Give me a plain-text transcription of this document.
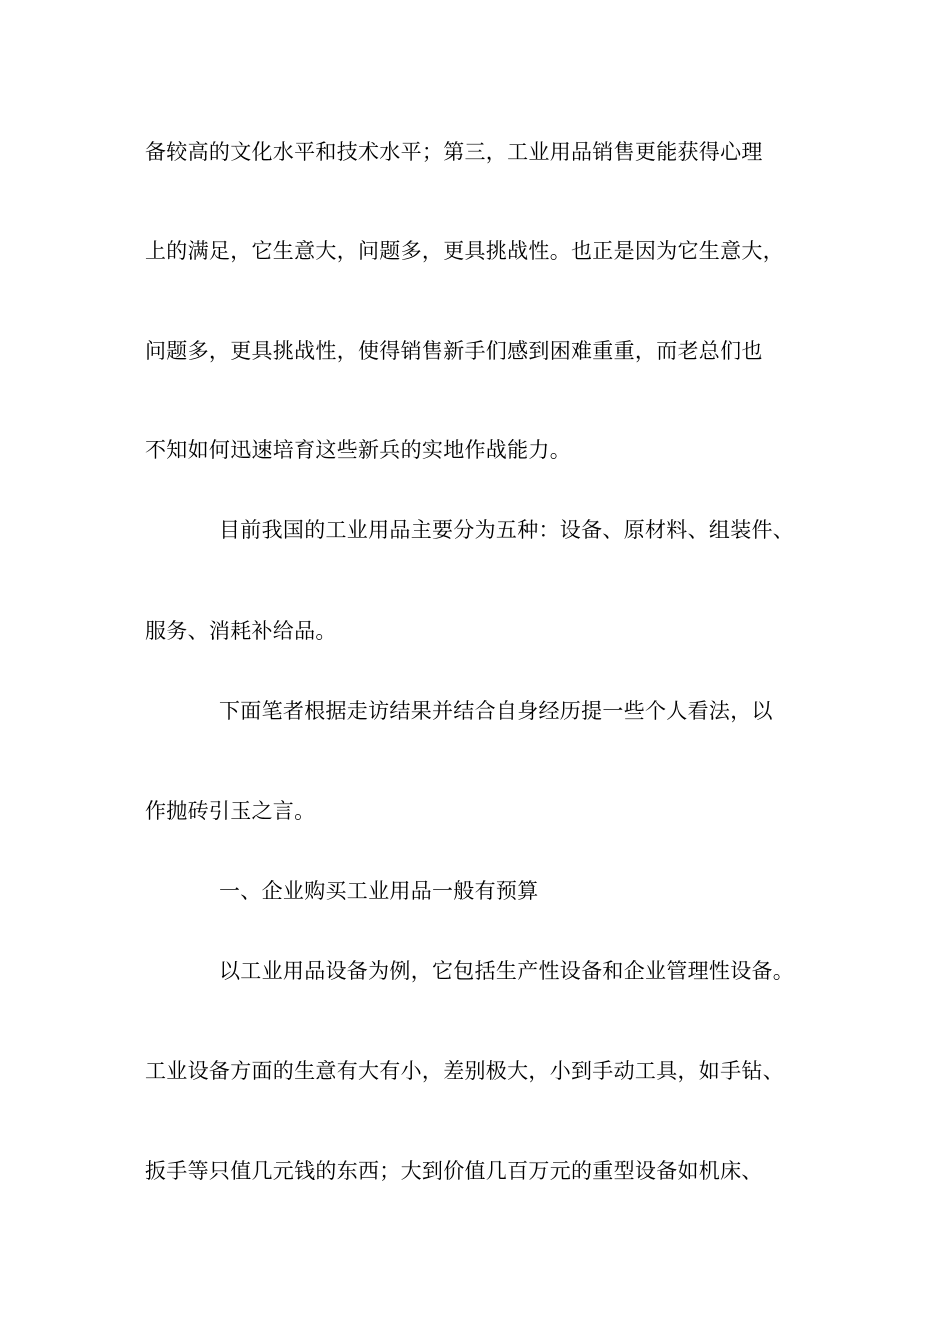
备较高的文化水平和技术水平；第三，工业用品销售更能获得心理
上的满足，它生意大，问题多，更具挑战性。也正是因为它生意大，
问题多，更具挑战性，使得销售新手们感到困难重重，而老总们也
不知如何迅速培育这些新兵的实地作战能力。
目前我国的工业用品主要分为五种：设备、原材料、组装件、
服务、消耗补给品。
下面笔者根据走访结果并结合自身经历提一些个人看法，以
作抛砖引玉之言。
一、企业购买工业用品一般有预算
以工业用品设备为例，它包括生产性设备和企业管理性设备。
工业设备方面的生意有大有小，差别极大，小到手动工具，如手钻、
扳手等只值几元钱的东西；大到价值几百万元的重型设备如机床、
